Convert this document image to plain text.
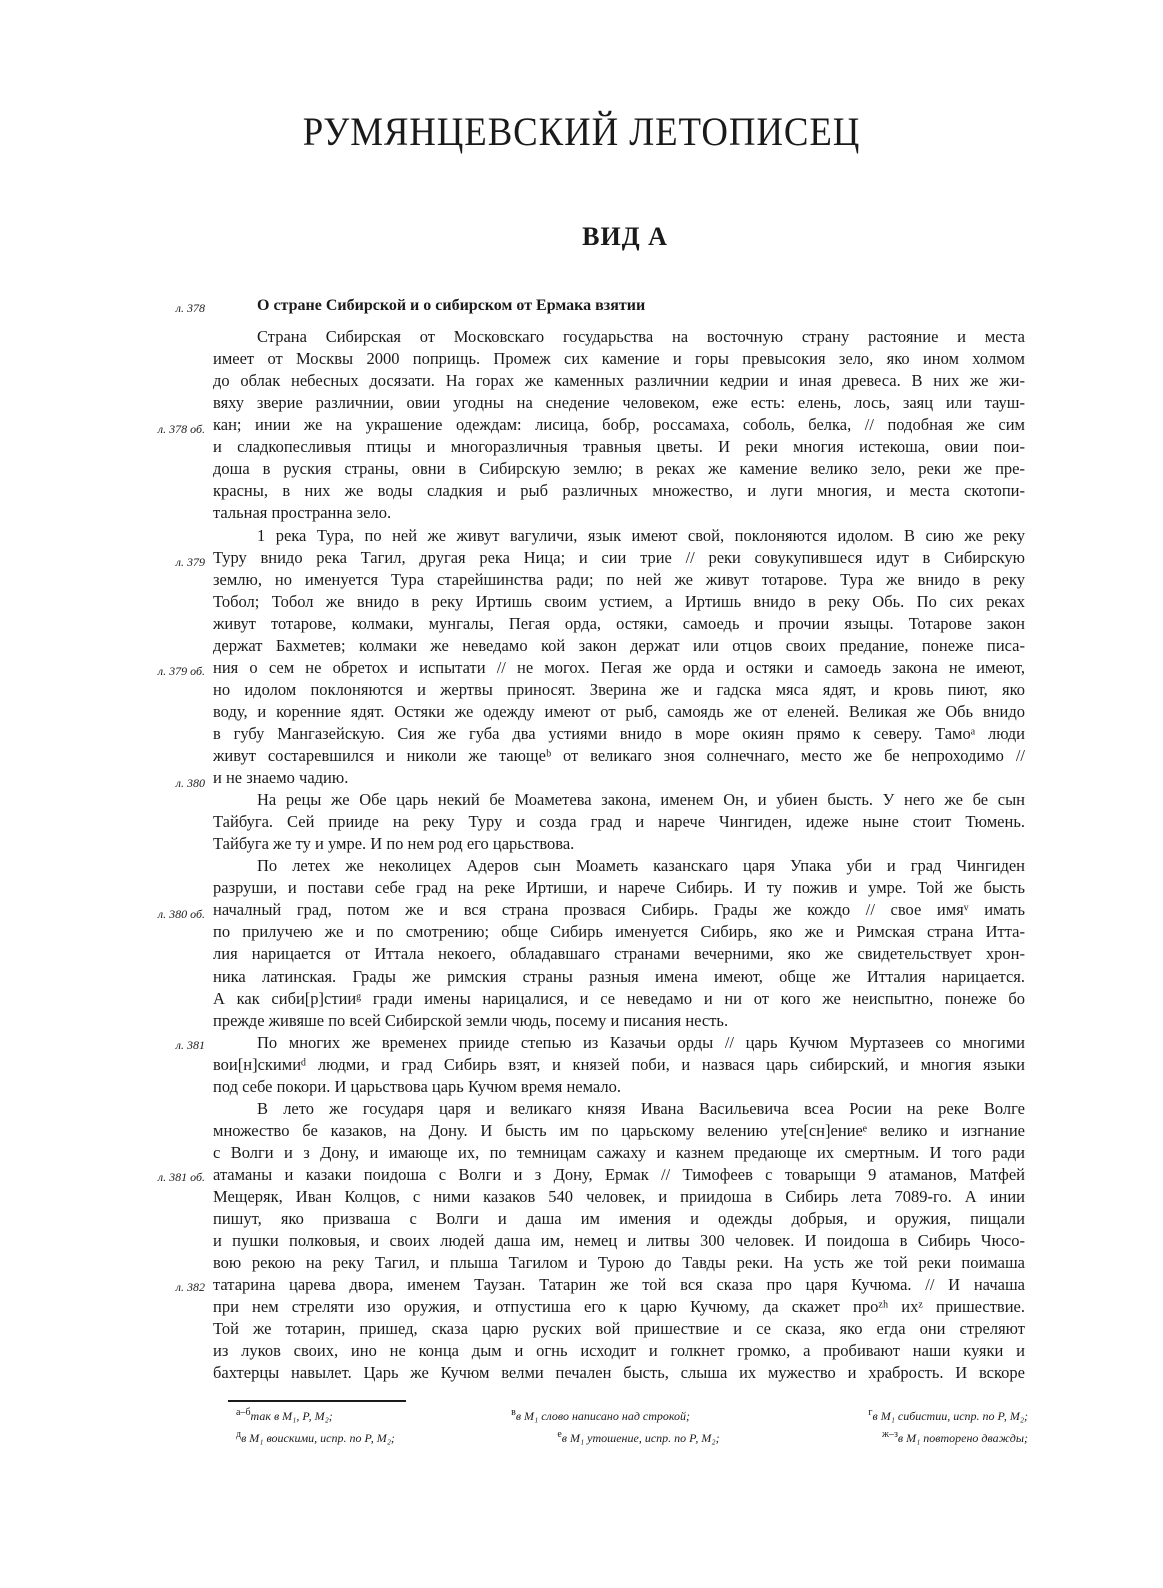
РУМЯНЦЕВСКИЙ ЛЕТОПИСЕЦ
ВИД А
О стране Сибирской и о сибирском от Ермака взятии
л. 378
л. 378 об.
л. 379
л. 379 об.
л. 380
л. 380 об.
л. 381
л. 381 об.
л. 382
Страна Сибирская от Московскаго государьства на восточную страну растояние и места
имеет от Москвы 2000 поприщь. Промеж сих камение и горы превысокия зело, яко ином холмом
до облак небесных досязати. На горах же каменных различнии кедрии и иная древеса. В них же жи-
вяху зверие различнии, овии угодны на снедение человеком, еже есть: елень, лось, заяц или тауш-
кан; инии же на украшение одеждам: лисица, бобр, россамаха, соболь, белка, // подобная же сим
и сладкопесливыя птицы и многоразличныя травныя цветы. И реки многия истекоша, овии пои-
доша в руския страны, овни в Сибирскую землю; в реках же камение велико зело, реки же пре-
красны, в них же воды сладкия и рыб различных множество, и луги многия, и места скотопи-
тальная пространна зело.
1 река Тура, по ней же живут вагуличи, язык имеют свой, поклоняются идолом. В сию же реку
Туру внидо река Тагил, другая река Ница; и сии трие // реки совукупившеся идут в Сибирскую
землю, но именуется Тура старейшинства ради; по ней же живут тотарове. Тура же внидо в реку
Тобол; Тобол же внидо в реку Иртишь своим устием, а Иртишь внидо в реку Обь. По сих реках
живут тотарове, колмаки, мунгалы, Пегая орда, остяки, самоедь и прочии языцы. Тотарове закон
держат Бахметев; колмаки же неведамо кой закон держат или отцов своих предание, понеже писа-
ния о сем не обретох и испытати // не могох. Пегая же орда и остяки и самоедь закона не имеют,
но идолом поклоняются и жертвы приносят. Зверина же и гадска мяса ядят, и кровь пиют, яко
воду, и коренние ядят. Остяки же одежду имеют от рыб, самоядь же от еленей. Великая же Обь внидо
в губу Мангазейскую. Сия же губа два устиями внидо в море окиян прямо к северу. Тамоᵃ люди
живут состаревшился и николи же тающеᵇ от великаго зноя солнечнаго, место же бе непроходимо //
и не знаемо чадию.
На рецы же Обе царь некий бе Моаметева закона, именем Он, и убиен бысть. У него же бе сын
Тайбуга. Сей прииде на реку Туру и созда град и нарече Чингиден, идеже ныне стоит Тюмень.
Тайбуга же ту и умре. И по нем род его царьствова.
По летех же неколицех Адеров сын Моаметь казанскаго царя Упака уби и град Чингиден
разруши, и постави себе град на реке Иртиши, и нарече Сибирь. И ту пожив и умре. Той же бысть
началный град, потом же и вся страна прозвася Сибирь. Грады же кождо // свое имяᵛ имать
по прилучею же и по смотрению; обще Сибирь именуется Сибирь, яко же и Римская страна Итта-
лия нарицается от Иттала некоего, обладавшаго странами вечерними, яко же свидетельствует хрон-
ника латинская. Грады же римския страны разныя имена имеют, обще же Итталия нарицается.
А как сиби[р]стииᵍ гради имены нарицалися, и се неведамо и ни от кого же неиспытно, понеже бо
прежде живяше по всей Сибирской земли чюдь, посему и писания несть.
По многих же временех прииде степью из Казачьи орды // царь Кучюм Муртазеев со многими
вои[н]скимиᵈ людми, и град Сибирь взят, и князей поби, и назвася царь сибирский, и многия языки
под себе покори. И царьствова царь Кучюм время немало.
В лето же государя царя и великаго князя Ивана Васильевича всеа Росии на реке Волге
множество бе казаков, на Дону. И бысть им по царьскому велению уте[сн]ениеᵉ велико и изгнание
с Волги и з Дону, и имающе их, по темницам сажаху и казнем предающе их смертным. И того ради
атаманы и казаки поидоша с Волги и з Дону, Ермак // Тимофеев с товарыщи 9 атаманов, Матфей
Мещеряк, Иван Колцов, с ними казаков 540 человек, и приидоша в Сибирь лета 7089-го. А инии
пишут, яко призваша с Волги и даша им имения и одежды добрыя, и оружия, пищали
и пушки полковыя, и своих людей даша им, немец и литвы 300 человек. И поидоша в Сибирь Чюсо-
вою рекою на реку Тагил, и плыша Тагилом и Турою до Тавды реки. На усть же той реки поимаша
татарина царева двора, именем Таузан. Татарин же той вся сказа про царя Кучюма. // И начаша
при нем стреляти изо оружия, и отпустиша его к царю Кучюму, да скажет проᶻʰ ихᶻ пришествие.
Той же тотарин, пришед, сказа царю руских вой пришествие и се сказа, яко егда они стреляют
из луков своих, ино не конца дым и огнь исходит и голкнет громко, а пробивают наши куяки и
бахтерцы навылет. Царь же Кучюм велми печален бысть, слыша их мужество и храбрость. И вскоре
$^{а-б}$так в М₁, Р, М₂;	$^в$в М₁ слово написано над строкой;	$^г$в М₁ сибистии, испр. по Р, М₂;
$^д$в М₁ воискими, испр. по Р, М₂;	$^е$в М₁ утошение, испр. по Р, М₂;	$^{ж-з}$в М₁ повторено дважды;
